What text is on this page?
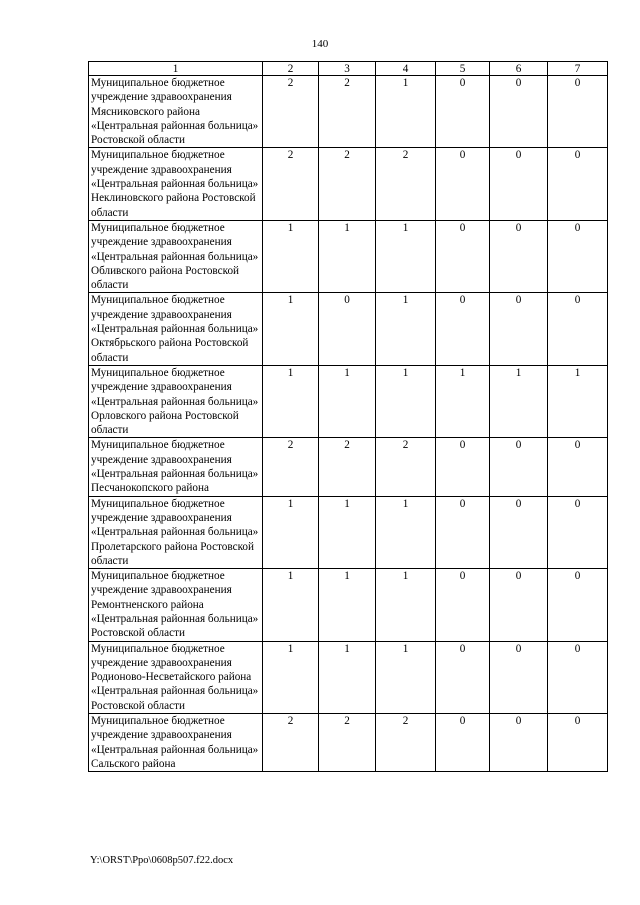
140
1	2	3	4	5	6	7
Муниципальное бюджетное учреждение здравоохранения Мясниковского района «Центральная районная больница» Ростовской области	2	2	1	0	0	0
Муниципальное бюджетное учреждение здравоохранения «Центральная районная больница» Неклиновского района Ростовской области	2	2	2	0	0	0
Муниципальное бюджетное учреждение здравоохранения «Центральная районная больница» Обливского района Ростовской области	1	1	1	0	0	0
Муниципальное бюджетное учреждение здравоохранения «Центральная районная больница» Октябрьского района Ростовской области	1	0	1	0	0	0
Муниципальное бюджетное учреждение здравоохранения «Центральная районная больница» Орловского района Ростовской области	1	1	1	1	1	1
Муниципальное бюджетное учреждение здравоохранения «Центральная районная больница» Песчанокопского района	2	2	2	0	0	0
Муниципальное бюджетное учреждение здравоохранения «Центральная районная больница» Пролетарского района Ростовской области	1	1	1	0	0	0
Муниципальное бюджетное учреждение здравоохранения Ремонтненского района «Центральная районная больница» Ростовской области	1	1	1	0	0	0
Муниципальное бюджетное учреждение здравоохранения Родионово-Несветайского района «Центральная районная больница» Ростовской области	1	1	1	0	0	0
Муниципальное бюджетное учреждение здравоохранения «Центральная районная больница» Сальского района	2	2	2	0	0	0
Y:\ORST\Ppo\0608p507.f22.docx
